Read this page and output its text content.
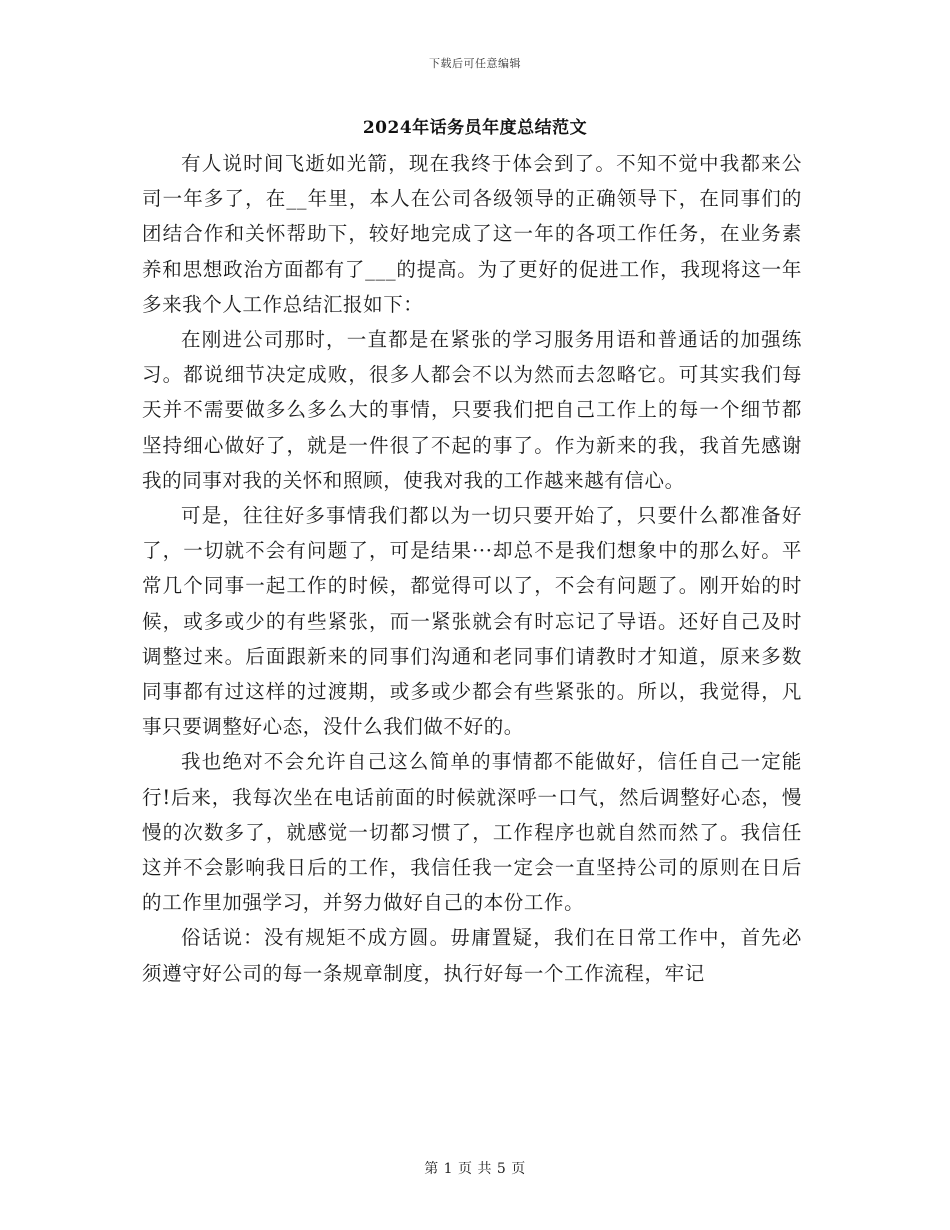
下载后可任意编辑
2024年话务员年度总结范文

有人说时间飞逝如光箭，现在我终于体会到了。不知不觉中我都来公司一年多了，在__年里，本人在公司各级领导的正确领导下，在同事们的团结合作和关怀帮助下，较好地完成了这一年的各项工作任务，在业务素养和思想政治方面都有了___的提高。为了更好的促进工作，我现将这一年多来我个人工作总结汇报如下：

在刚进公司那时，一直都是在紧张的学习服务用语和普通话的加强练习。都说细节决定成败，很多人都会不以为然而去忽略它。可其实我们每天并不需要做多么多么大的事情，只要我们把自己工作上的每一个细节都坚持细心做好了，就是一件很了不起的事了。作为新来的我，我首先感谢我的同事对我的关怀和照顾，使我对我的工作越来越有信心。

可是，往往好多事情我们都以为一切只要开始了，只要什么都准备好了，一切就不会有问题了，可是结果···却总不是我们想象中的那么好。平常几个同事一起工作的时候，都觉得可以了，不会有问题了。刚开始的时候，或多或少的有些紧张，而一紧张就会有时忘记了导语。还好自己及时调整过来。后面跟新来的同事们沟通和老同事们请教时才知道，原来多数同事都有过这样的过渡期，或多或少都会有些紧张的。所以，我觉得，凡事只要调整好心态，没什么我们做不好的。

我也绝对不会允许自己这么简单的事情都不能做好，信任自己一定能行!后来，我每次坐在电话前面的时候就深呼一口气，然后调整好心态，慢慢的次数多了，就感觉一切都习惯了，工作程序也就自然而然了。我信任这并不会影响我日后的工作，我信任我一定会一直坚持公司的原则在日后的工作里加强学习，并努力做好自己的本份工作。

俗话说：没有规矩不成方圆。毋庸置疑，我们在日常工作中，首先必须遵守好公司的每一条规章制度，执行好每一个工作流程，牢记

第 1 页 共 5 页
